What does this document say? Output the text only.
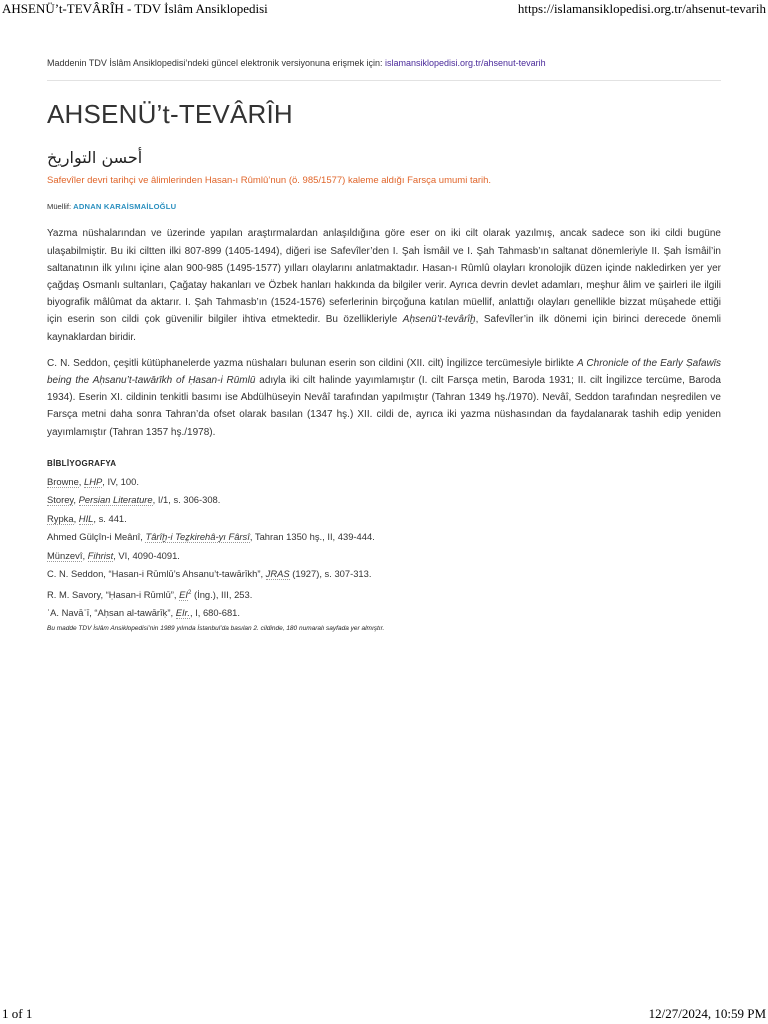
AHSENÜ’t-TEVÂRÎH - TDV İslâm Ansiklopedisi	https://islamansiklopedisi.org.tr/ahsenut-tevarih
Maddenin TDV İslâm Ansiklopedisi’ndeki güncel elektronik versiyonuna erişmek için: islamansiklopedisi.org.tr/ahsenut-tevarih
AHSENÜ’t-TEVÂRÎH
أحسن التواريخ
Safevîler devri tarihçi ve âlimlerinden Hasan-ı Rûmlû’nun (ö. 985/1577) kaleme aldığı Farsça umumi tarih.
Müellif: ADNAN KARAİSMAİLOĞLU

Yazma nüshalarından ve üzerinde yapılan araştırmalardan anlaşıldığına göre eser on iki cilt olarak yazılmış, ancak sadece son iki cildi bugüne ulaşabilmiştir. Bu iki ciltten ilki 807-899 (1405-1494), diğeri ise Safevîler’den I. Şah İsmâil ve I. Şah Tahmasb’ın saltanat dönemleriyle II. Şah İsmâil’in saltanatının ilk yılını içine alan 900-985 (1495-1577) yılları olaylarını anlatmaktadır. Hasan-ı Rûmlû olayları kronolojik düzen içinde nakledirken yer yer çağdaş Osmanlı sultanları, Çağatay hakanları ve Özbek hanları hakkında da bilgiler verir. Ayrıca devrin devlet adamları, meşhur âlim ve şairleri ile ilgili biyografik mâlûmat da aktarır. I. Şah Tahmasb’ın (1524-1576) seferlerinin birçoğuna katılan müellif, anlattığı olayları genellikle bizzat müşahede ettiği için eserin son cildi çok güvenilir bilgiler ihtiva etmektedir. Bu özellikleriyle Aḥsenü’t-tevârîḫ, Safevîler’in ilk dönemi için birinci derecede önemli kaynaklardan biridir.

C. N. Seddon, çeşitli kütüphanelerde yazma nüshaları bulunan eserin son cildini (XII. cilt) İngilizce tercümesiyle birlikte A Chronicle of the Early Ṣafawīs being the Aḥsanu’t-tawārīkh of Ḥasan-i Rūmlū adıyla iki cilt halinde yayımlamıştır (I. cilt Farsça metin, Baroda 1931; II. cilt İngilizce tercüme, Baroda 1934). Eserin XI. cildinin tenkitli basımı ise Abdülhüseyin Nevâî tarafından yapılmıştır (Tahran 1349 hş./1970). Nevâî, Seddon tarafından neşredilen ve Farsça metni daha sonra Tahran’da ofset olarak basılan (1347 hş.) XII. cildi de, ayrıca iki yazma nüshasından da faydalanarak tashih edip yeniden yayımlamıştır (Tahran 1357 hş./1978).

BİBLİYOGRAFYA
Browne, LHP, IV, 100.
Storey, Persian Literature, I/1, s. 306-308.
Rypka, HIL, s. 441.
Ahmed Gülçîn-i Meânî, Târîḫ-i Teẕkirehâ-yı Fârsî, Tahran 1350 hş., II, 439-444.
Münzevî, Fihrist, VI, 4090-4091.
C. N. Seddon, “Hasan-i Rūmlū’s Ahsanu’t-tawārīkh”, JRAS (1927), s. 307-313.
R. M. Savory, “Ḥasan-i Rūmlū”, $EI^2$ (İng.), III, 253.
ʿA. Navāʾī, “Aḥsan al-tawārīḳ”, EIr., I, 680-681.
Bu madde TDV İslâm Ansiklopedisi’nin 1989 yılında İstanbul’da basılan 2. cildinde, 180 numaralı sayfada yer almıştır.
1 of 1	12/27/2024, 10:59 PM
